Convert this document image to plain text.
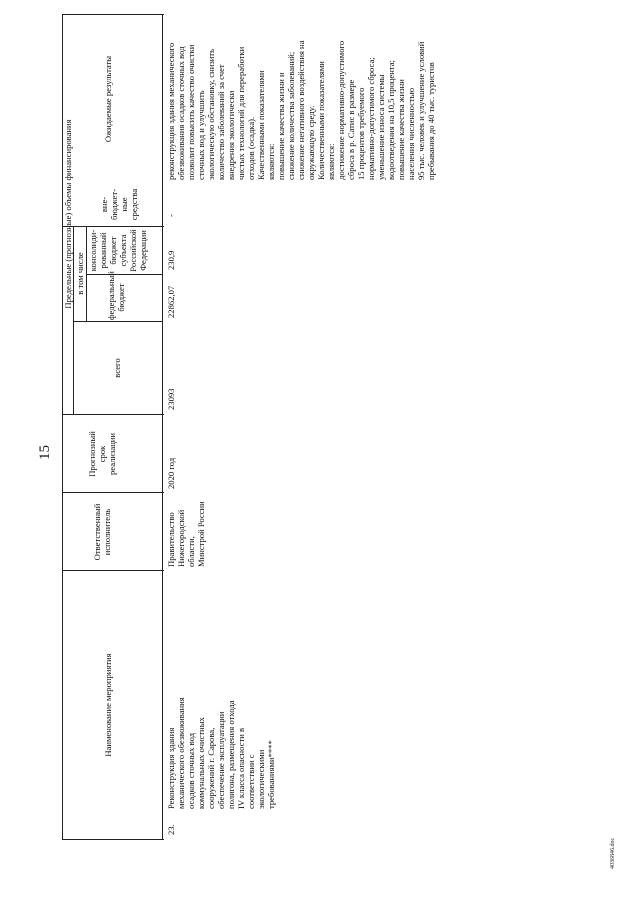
15
Наименование мероприятия
Ответственный исполнитель
Прогнозный срок реализации
Предельные (прогнозные) объемы финансирования
всего
в том числе федеральный бюджет
консолиди- рованный бюджет субъекта Российской Федерации
вне- бюджет- ные средства
Ожидаемые результаты
23.
Реконструкция здания механического обезвоживания осадков сточных вод коммунальных очистных сооружений г. Сарова, обеспечение эксплуатации полигона, размещения отхода IV класса опасности в соответствии с экологическими требованиями****
Правительство Нижегородской области, Минстрой России
2020 год
23093
22862,07
230,9
-
реконструкция здания механического обезвоживания осадков сточных вод позволит повысить качество очистки сточных вод и улучшить экологическую обстановку, снизить количество заболеваний за счет внедрения экологически чистых технологий для переработки отходов (осадка). Качественными показателями являются: повышение качества жизни и снижение количества заболеваний; снижение негативного воздействия на окружающую среду. Количественными показателями являются: достижение нормативно-допустимого сброса в р. Сатис в размере 15 процентов требуемого нормативно-допустимого сброса; уменьшение износа системы водоотведения на 10,5 процента; повышение качества жизни населения численностью 95 тыс. человек и улучшение условий пребывания до 40 тыс. туристов
4036846.doc
